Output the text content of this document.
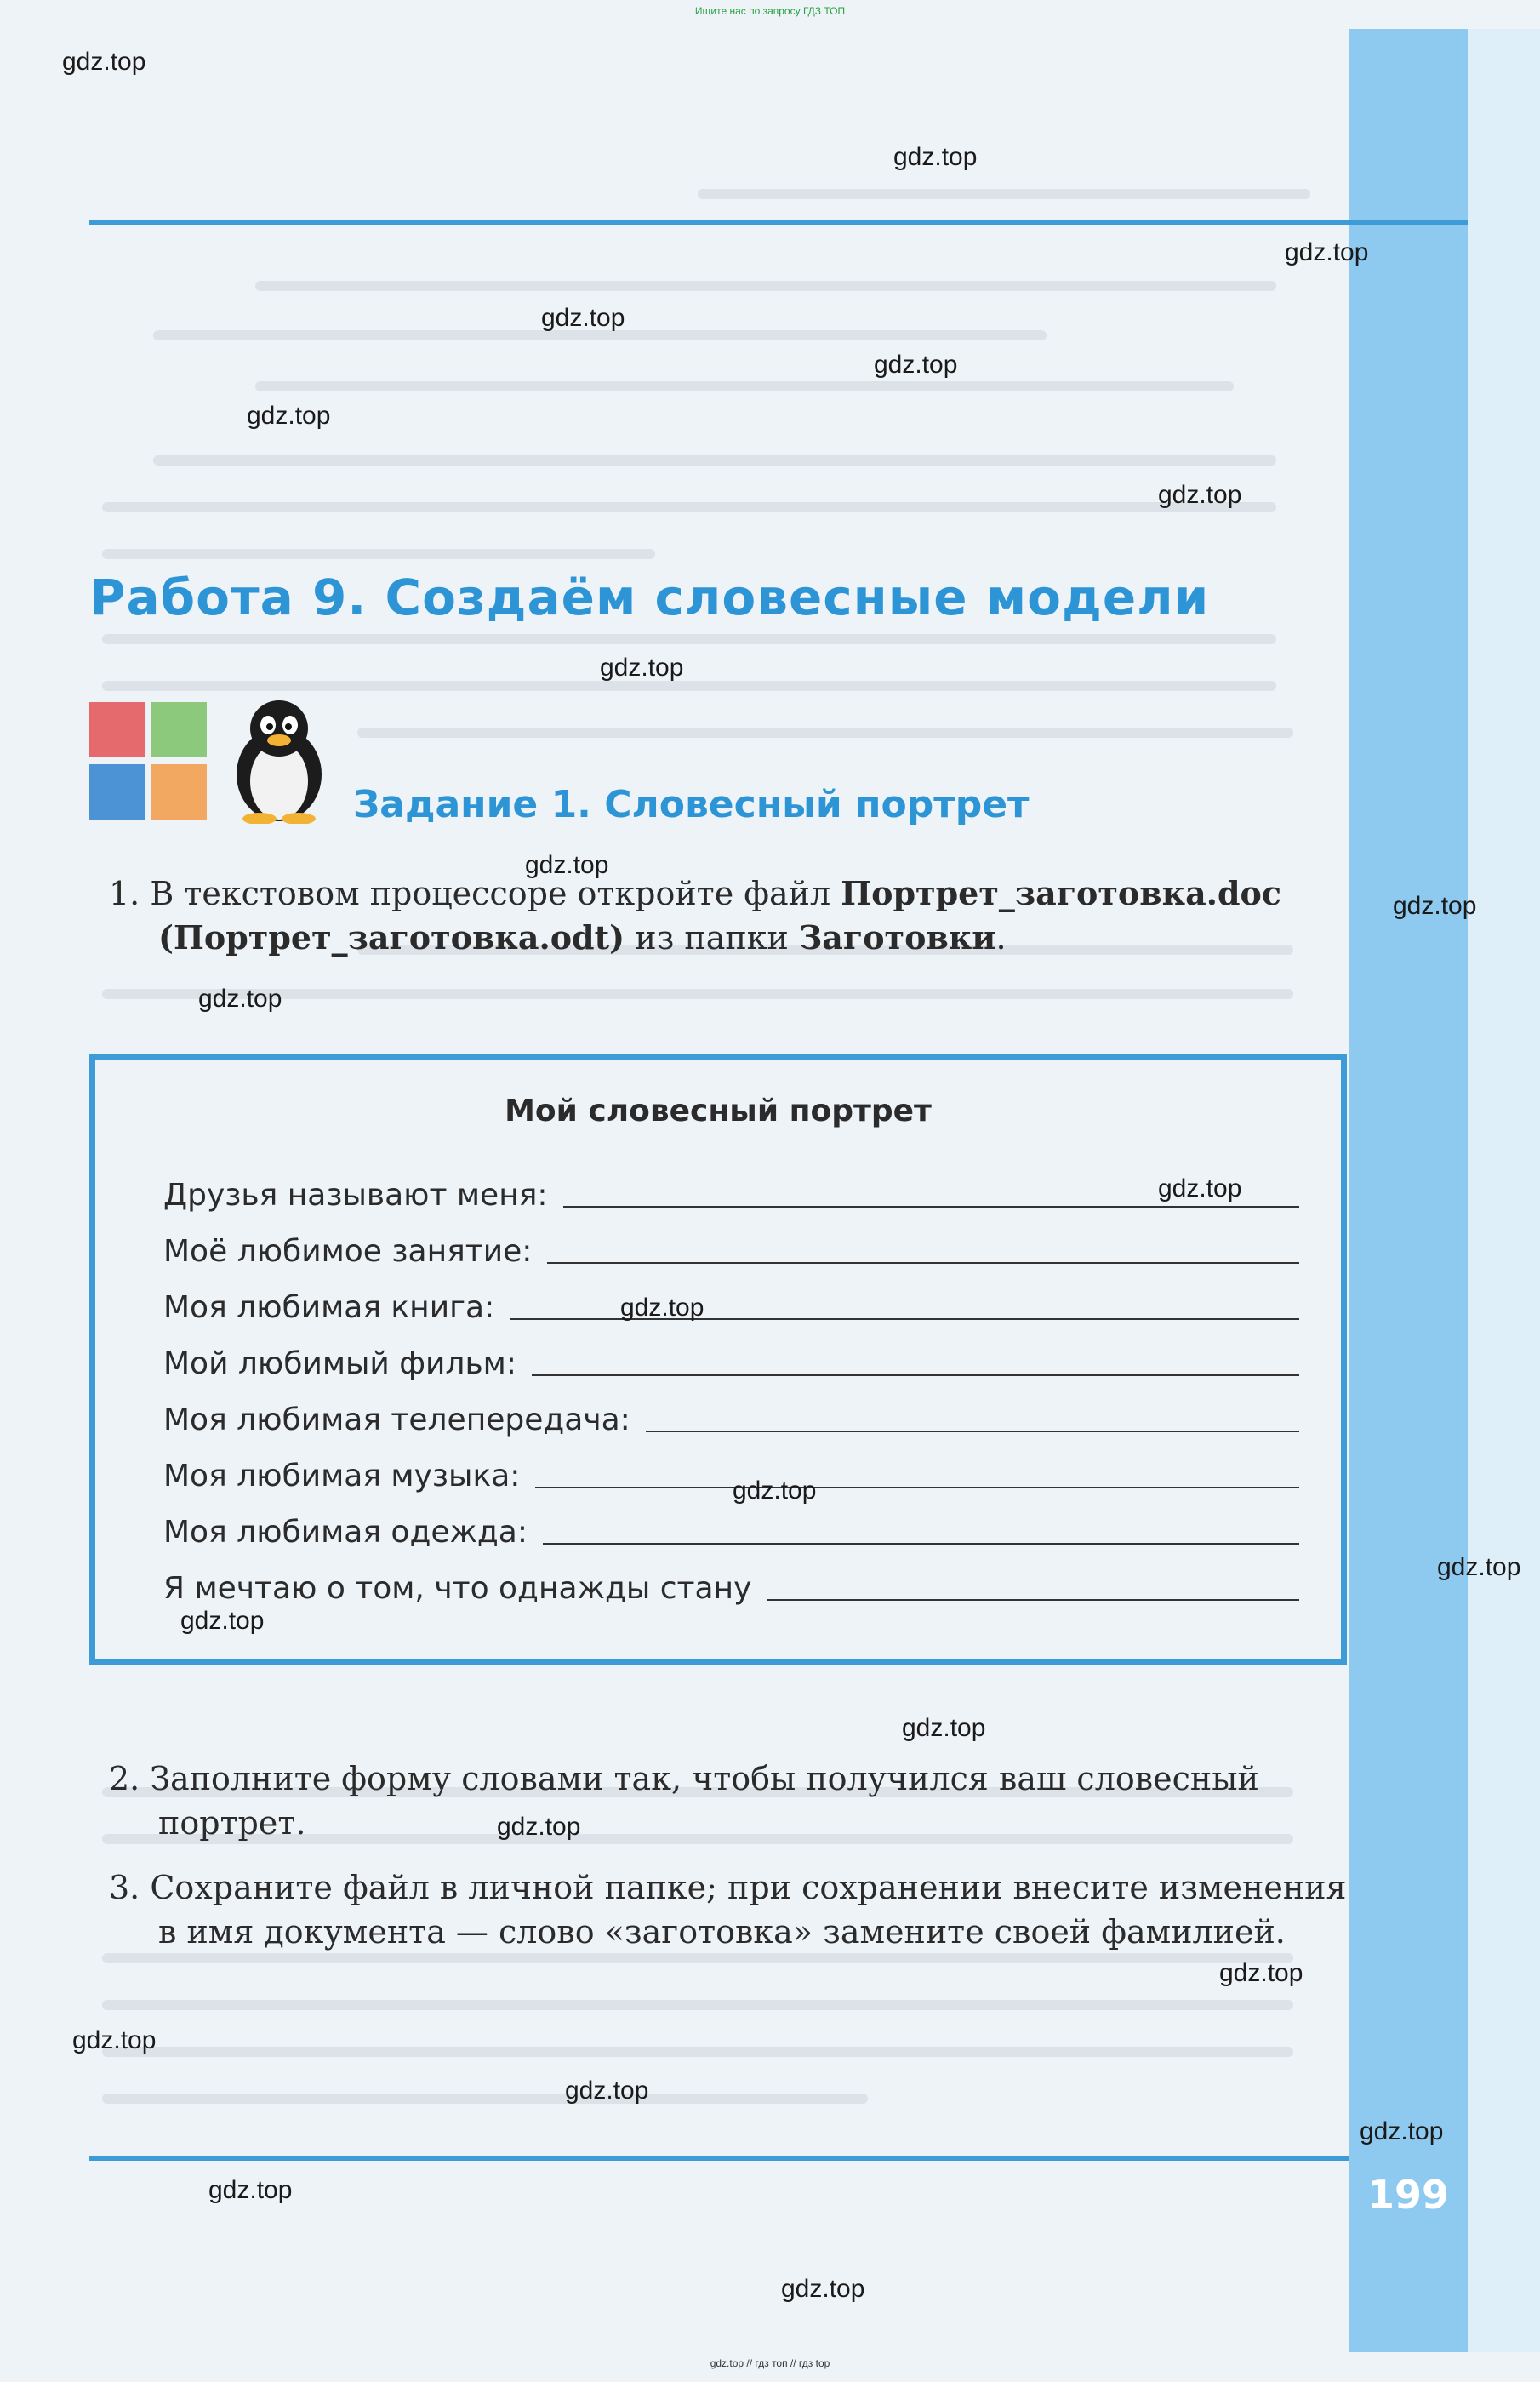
Ищите нас по запросу ГДЗ ТОП
199
Работа 9. Создаём словесные модели
Задание 1. Словесный портрет
1. В текстовом процессоре откройте файл Портрет_заготовка.doc
(Портрет_заготовка.odt) из папки Заготовки.
Мой словесный портрет
Друзья называют меня:
Моё любимое занятие:
Моя любимая книга:
Мой любимый фильм:
Моя любимая телепередача:
Моя любимая музыка:
Моя любимая одежда:
Я мечтаю о том, что однажды стану
2. Заполните форму словами так, чтобы получился ваш словесный портрет.
3. Сохраните файл в личной папке; при сохранении внесите изменения в имя документа — слово «заготовка» замените своей фамилией.
gdz.top
gdz.top
gdz.top
gdz.top
gdz.top
gdz.top
gdz.top
gdz.top
gdz.top
gdz.top
gdz.top
gdz.top
gdz.top
gdz.top
gdz.top
gdz.top
gdz.top
gdz.top
gdz.top
gdz.top
gdz.top
gdz.top
gdz.top
gdz.top
gdz.top // гдз топ // гдз top
